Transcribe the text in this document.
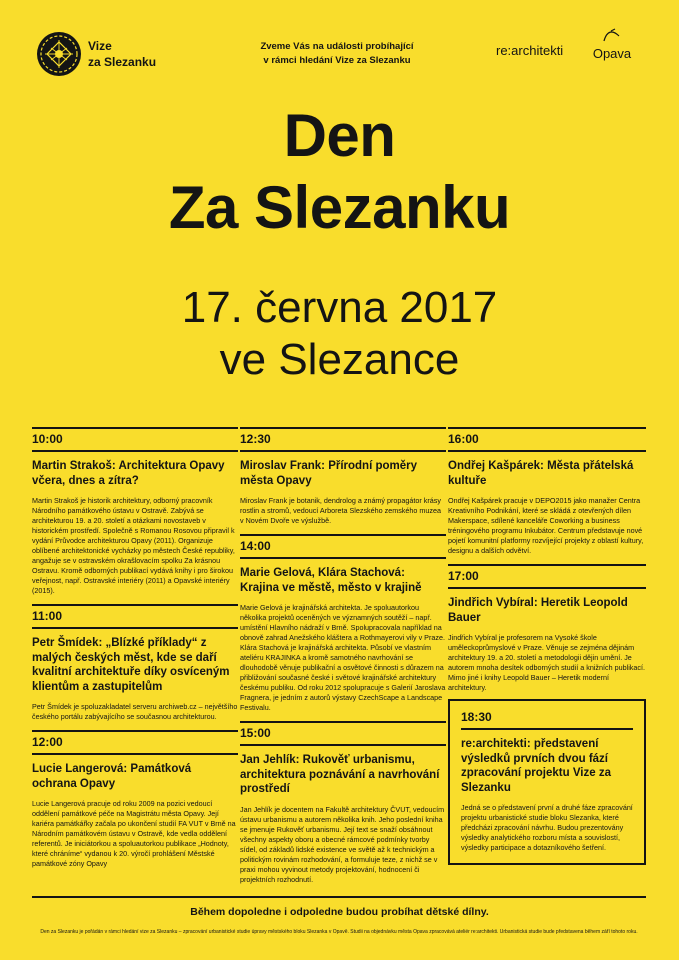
Vize
za Slezanku
Zveme Vás na události probíhající
v rámci hledání Vize za Slezanku
re:architekti Opava
Den
Za Slezanku
17. června 2017
ve Slezance
10:00
Martin Strakoš: Architektura Opavy včera, dnes a zítra?
Martin Strakoš je historik architektury, odborný pracovník Národního památkového ústavu v Ostravě. Zabývá se architekturou 19. a 20. století a otázkami novostaveb v historickém prostředí. Společně s Romanou Rosovou připravil k vydání Průvodce architekturou Opavy (2011). Organizuje oblíbené architektonické vycházky po městech České republiky, angažuje se v ostravském okrašlovacím spolku Za krásnou Ostravu. Kromě odborných publikací vydává knihy i pro širokou veřejnost, např. Ostravské interiéry (2011) a Opavské interiéry (2015).
11:00
Petr Šmídek: „Blízké příklady“ z malých českých měst, kde se daří kvalitní architektuře díky osvíceným klientům a zastupitelům
Petr Šmídek je spoluzakladatel serveru archiweb.cz – největšího českého portálu zabývajícího se současnou architekturou.
12:00
Lucie Langerová: Památková ochrana Opavy
Lucie Langerová pracuje od roku 2009 na pozici vedoucí oddělení památkové péče na Magistrátu města Opavy. Její kariéra památkářky začala po ukončení studií FA VUT v Brně na Národním památkovém ústavu v Ostravě, kde vedla oddělení referentů. Je iniciátorkou a spoluautorkou publikace „Hodnoty, které chráníme“ vydanou k 20. výročí prohlášení Městské památkové zóny Opavy
12:30
Miroslav Frank: Přírodní poměry města Opavy
Miroslav Frank je botanik, dendrolog a známý propagátor krásy rostlin a stromů, vedoucí Arboreta Slezského zemského muzea v Novém Dvoře ve výslužbě.
14:00
Marie Gelová, Klára Stachová: Krajina ve městě, město v krajině
Marie Gelová je krajinářská architekta. Je spoluautorkou několika projektů oceněných ve významných soutěží – např. umístění Hlavního nádraží v Brně. Spolupracovala například na obnově zahrad Anežského kláštera a Rothmayerovi vily v Praze. Klára Stachová je krajinářská architekta. Působí ve vlastním ateliéru KRAJINKA a kromě samotného navrhování se dlouhodobě věnuje publikační a osvětové činnosti s důrazem na přibližování současné české i světové krajinářské architektury českému publiku. Od roku 2012 spolupracuje s Galerií Jaroslava Fragnera, je jedním z autorů výstavy CzechScape a Landscape Festivalu.
15:00
Jan Jehlík: Rukověť urbanismu, architektura poznávání a navrhování prostředí
Jan Jehlík je docentem na Fakultě architektury ČVUT, vedoucím ústavu urbanismu a autorem několika knih. Jeho poslední kniha se jmenuje Rukověť urbanismu. Její text se snaží obsáhnout všechny aspekty oboru a obecné rámcové podmínky tvorby sídel, od základů lidské existence ve světě až k technickým a politickým rovinám rozhodování, a formuluje teze, z nichž se v praxi mohou vyvinout metody projektování, hodnocení či projektních rozhodnutí.
16:00
Ondřej Kašpárek: Města přátelská kultuře
Ondřej Kašpárek pracuje v DEPO2015 jako manažer Centra Kreativního Podnikání, které se skládá z otevřených dílen Makerspace, sdílené kanceláře Coworking a business tréningového programu Inkubátor. Centrum představuje nové pojetí komunitní platformy rozvíjející projekty z oblastí kultury, designu a dalších odvětví.
17:00
Jindřich Vybíral: Heretik Leopold Bauer
Jindřich Vybíral je profesorem na Vysoké škole uměleckoprůmyslové v Praze. Věnuje se zejména dějinám architektury 19. a 20. století a metodologii dějin umění. Je autorem mnoha desítek odborných studií a knižních publikací. Mimo jiné i knihy Leopold Bauer – Heretik moderní architektury.
18:30
re:architekti: představení výsledků prvních dvou fází zpracování projektu Vize za Slezanku
Jedná se o představení první a druhé fáze zpracování projektu urbanistické studie bloku Slezanka, které předcházi zpracování návrhu. Budou prezentovány výsledky analytického rozboru místa a souvislostí, výsledky participace a dotazníkového šetření.
Během dopoledne i odpoledne budou probíhat dětské dílny.
Den za Slezanku je pořádán v rámci hledání vize za Slezanku – zpracování urbanistické studie úpravy městského bloku Slezanka v Opavě. Studii na objednávku města Opava zpracovává ateliér re:architekti. Urbanistická studie bude představena během září tohoto roku.
